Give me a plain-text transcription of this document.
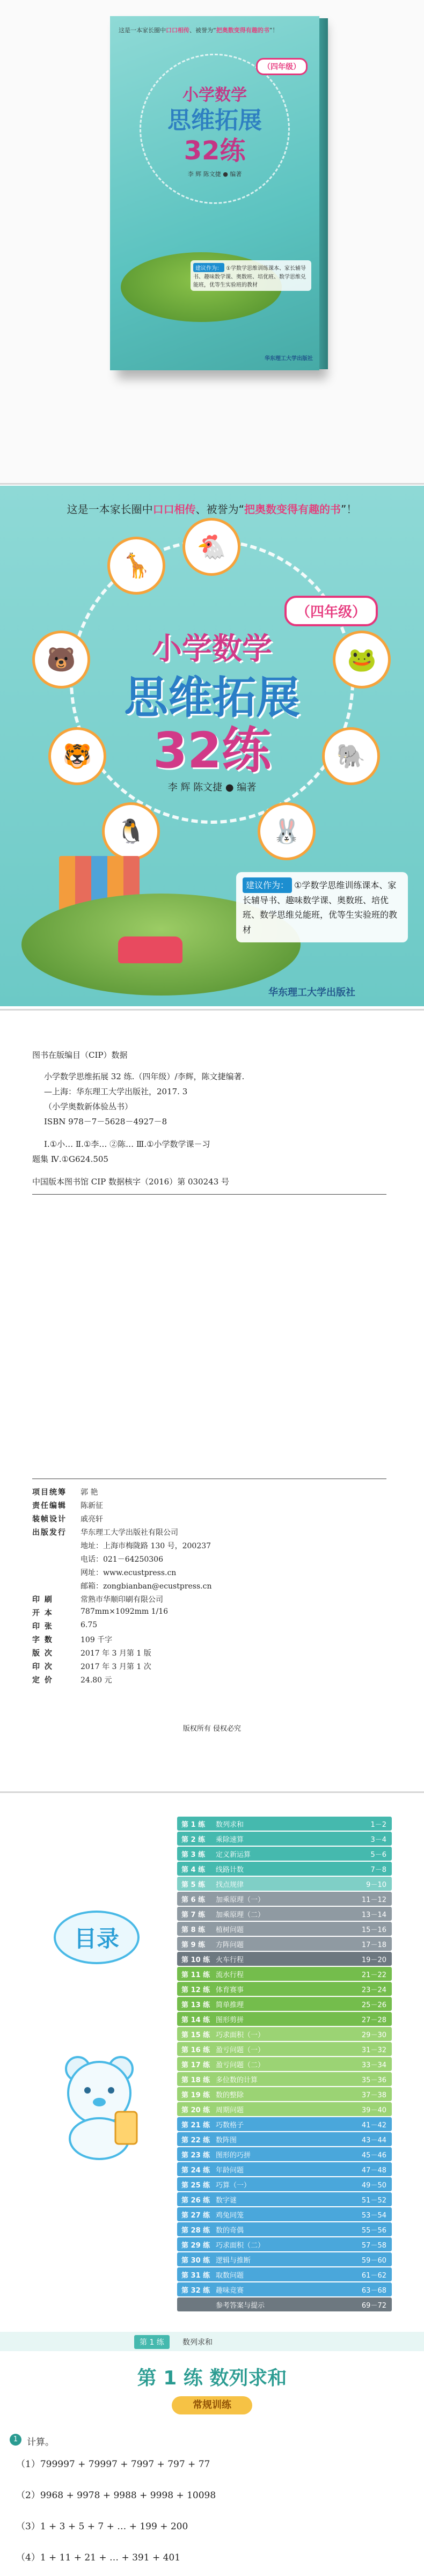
这是一本家长圈中口口相传、被誉为“把奥数变得有趣的书”！
（四年级）
小学数学
思维拓展
32练
李 辉 陈文捷 ● 编著
建议作为： ①学数学思维训练课本、家长辅导书、趣味数学课、奥数班、培优班、数学思维兑能班，优等生实验班的教材
华东理工大学出版社
这是一本家长圈中口口相传、被誉为“把奥数变得有趣的书”！
🦒
🐻	🐸
🐯	🐘
🐔
🐧	🐰
（四年级）
小学数学
思维拓展
32练
李 辉 陈文捷 ● 编著
建议作为： ①学数学思维训练课本、家长辅导书、趣味数学课、奥数班、培优班、数学思维兑能班，优等生实验班的教材
华东理工大学出版社
图书在版编目（CIP）数据
小学数学思维拓展 32 练.（四年级）/李辉，陈文捷编著.
—上海：华东理工大学出版社，2017. 3
（小学奥数新体验丛书）
ISBN 978－7－5628－4927－8
Ⅰ.①小… Ⅱ.①李… ②陈… Ⅲ.①小学数学课－习
题集 Ⅳ.①G624.505
中国版本图书馆 CIP 数据核字（2016）第 030243 号
项目统筹	郭 艳
责任编辑	陈新征
装帧设计	戚亮轩
出版发行	华东理工大学出版社有限公司
地址：上海市梅陇路 130 号，200237
电话：021－64250306
网址：www.ecustpress.cn
邮箱：zongbianban@ecustpress.cn
印 刷	常熟市华顺印刷有限公司
开 本	787mm×1092mm 1/16
印 张	6.75
字 数	109 千字
版 次	2017 年 3 月第 1 版
印 次	2017 年 3 月第 1 次
定 价	24.80 元
版权所有 侵权必究
目录
第 1 练	数列求和	1－2
第 2 练	乘除速算	3－4
第 3 练	定义新运算	5－6
第 4 练	线路计数	7－8
第 5 练	找点规律	9－10
第 6 练	加乘原理（一）	11－12
第 7 练	加乘原理（二）	13－14
第 8 练	植树问题	15－16
第 9 练	方阵问题	17－18
第 10 练 火车行程	19－20
第 11 练 流水行程	21－22
第 12 练 体育赛事	23－24
第 13 练 简单推理	25－26
第 14 练 图形剪拼	27－28
第 15 练 巧求面积（一）	29－30
第 16 练 盈亏问题（一）	31－32
第 17 练 盈亏问题（二）	33－34
第 18 练 多位数的计算	35－36
第 19 练 数的整除	37－38
第 20 练 周期问题	39－40
第 21 练 巧数格子	41－42
第 22 练 数阵图	43－44
第 23 练 图形的巧拼	45－46
第 24 练 年龄问题	47－48
第 25 练 巧算（一）	49－50
第 26 练 数字谜	51－52
第 27 练 鸡兔同笼	53－54
第 28 练 数的奇偶	55－56
第 29 练 巧求面积（二）	57－58
第 30 练 逻辑与推断	59－60
第 31 练 取数问题	61－62
第 32 练 趣味竞赛	63－68
参考答案与提示	69－72
第 1 练	数列求和
第 1 练 数列求和
常规训练
1 计算。
（1）799997 + 79997 + 7997 + 797 + 77
（2）9968 + 9978 + 9988 + 9998 + 10098
（3）1 + 3 + 5 + 7 + … + 199 + 200
（4）1 + 11 + 21 + … + 391 + 401
